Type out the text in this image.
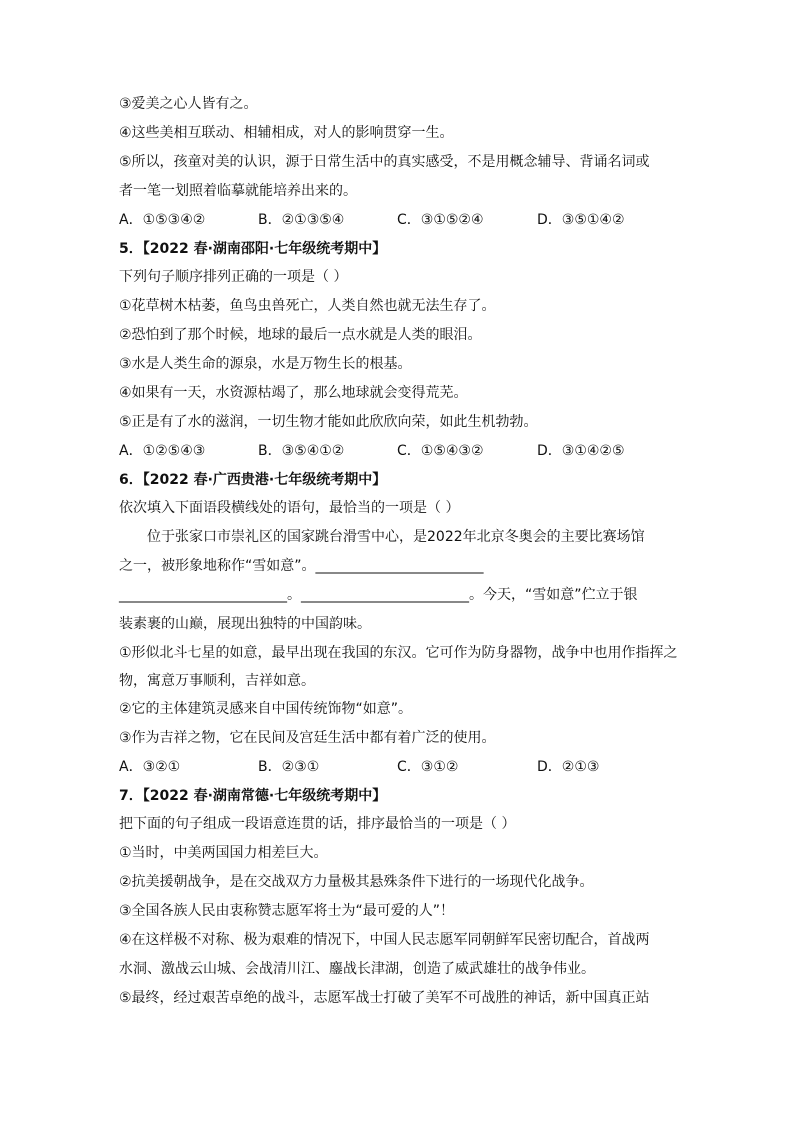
③爱美之心人皆有之。
④这些美相互联动、相辅相成，对人的影响贯穿一生。
⑤所以，孩童对美的认识，源于日常生活中的真实感受，不是用概念辅导、背诵名词或
者一笔一划照着临摹就能培养出来的。
A．①⑤③④②	B．②①③⑤④	C．③①⑤②④	D．③⑤①④②
5．【2022 春·湖南邵阳·七年级统考期中】
下列句子顺序排列正确的一项是（ ）
①花草树木枯萎，鱼鸟虫兽死亡，人类自然也就无法生存了。
②恐怕到了那个时候，地球的最后一点水就是人类的眼泪。
③水是人类生命的源泉，水是万物生长的根基。
④如果有一天，水资源枯竭了，那么地球就会变得荒芜。
⑤正是有了水的滋润，一切生物才能如此欣欣向荣，如此生机勃勃。
A．①②⑤④③	B．③⑤④①②	C．①⑤④③②	D．③①④②⑤
6．【2022 春·广西贵港·七年级统考期中】
依次填入下面语段横线处的语句，最恰当的一项是（ ）
　　位于张家口市崇礼区的国家跳台滑雪中心，是2022年北京冬奥会的主要比赛场馆
之一，被形象地称作“雪如意”。________________________
________________________。________________________。今天，“雪如意”伫立于银
装素裹的山巅，展现出独特的中国韵味。
①形似北斗七星的如意，最早出现在我国的东汉。它可作为防身器物，战争中也用作指挥之物，寓意万事顺利，吉祥如意。
②它的主体建筑灵感来自中国传统饰物“如意”。
③作为吉祥之物，它在民间及宫廷生活中都有着广泛的使用。
A．③②①	B．②③①	C．③①②	D．②①③
7．【2022 春·湖南常德·七年级统考期中】
把下面的句子组成一段语意连贯的话，排序最恰当的一项是（ ）
①当时，中美两国国力相差巨大。
②抗美援朝战争，是在交战双方力量极其悬殊条件下进行的一场现代化战争。
③全国各族人民由衷称赞志愿军将士为“最可爱的人”！
④在这样极不对称、极为艰难的情况下，中国人民志愿军同朝鲜军民密切配合，首战两
水洞、激战云山城、会战清川江、鏖战长津湖，创造了威武雄壮的战争伟业。
⑤最终，经过艰苦卓绝的战斗，志愿军战士打破了美军不可战胜的神话，新中国真正站
